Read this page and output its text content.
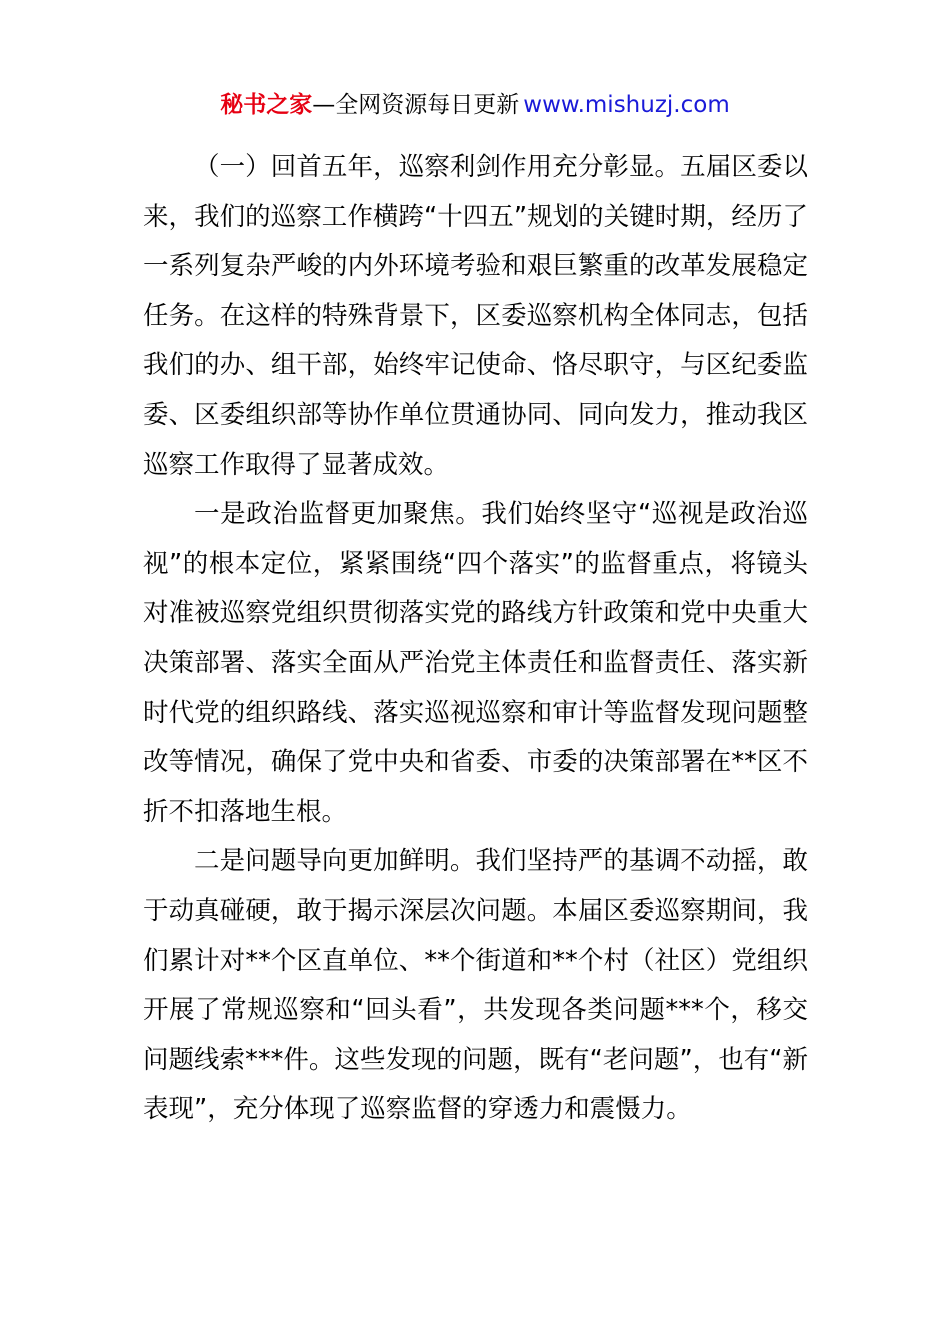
秘书之家—全网资源每日更新 www.mishuzj.com

（一）回首五年，巡察利剑作用充分彰显。五届区委以来，我们的巡察工作横跨“十四五”规划的关键时期，经历了一系列复杂严峻的内外环境考验和艰巨繁重的改革发展稳定任务。在这样的特殊背景下，区委巡察机构全体同志，包括我们的办、组干部，始终牢记使命、恪尽职守，与区纪委监委、区委组织部等协作单位贯通协同、同向发力，推动我区巡察工作取得了显著成效。

一是政治监督更加聚焦。我们始终坚守“巡视是政治巡视”的根本定位，紧紧围绕“四个落实”的监督重点，将镜头对准被巡察党组织贯彻落实党的路线方针政策和党中央重大决策部署、落实全面从严治党主体责任和监督责任、落实新时代党的组织路线、落实巡视巡察和审计等监督发现问题整改等情况，确保了党中央和省委、市委的决策部署在**区不折不扣落地生根。

二是问题导向更加鲜明。我们坚持严的基调不动摇，敢于动真碰硬，敢于揭示深层次问题。本届区委巡察期间，我们累计对**个区直单位、**个街道和**个村（社区）党组织开展了常规巡察和“回头看”，共发现各类问题***个，移交问题线索***件。这些发现的问题，既有“老问题”，也有“新表现”，充分体现了巡察监督的穿透力和震慑力。
